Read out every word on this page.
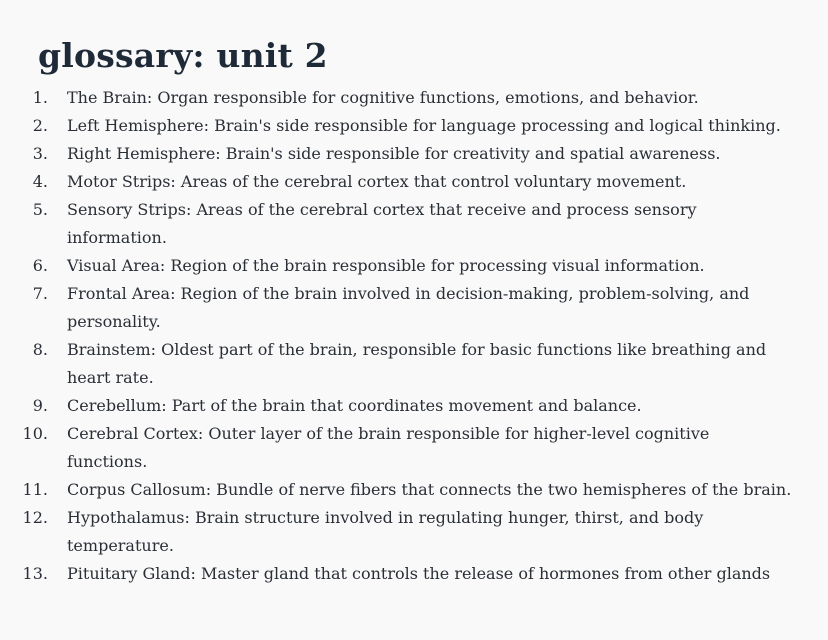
glossary: unit 2
1. The Brain: Organ responsible for cognitive functions, emotions, and behavior.
2. Left Hemisphere: Brain's side responsible for language processing and logical thinking.
3. Right Hemisphere: Brain's side responsible for creativity and spatial awareness.
4. Motor Strips: Areas of the cerebral cortex that control voluntary movement.
5. Sensory Strips: Areas of the cerebral cortex that receive and process sensory information.
6. Visual Area: Region of the brain responsible for processing visual information.
7. Frontal Area: Region of the brain involved in decision-making, problem-solving, and personality.
8. Brainstem: Oldest part of the brain, responsible for basic functions like breathing and heart rate.
9. Cerebellum: Part of the brain that coordinates movement and balance.
10. Cerebral Cortex: Outer layer of the brain responsible for higher-level cognitive functions.
11. Corpus Callosum: Bundle of nerve fibers that connects the two hemispheres of the brain.
12. Hypothalamus: Brain structure involved in regulating hunger, thirst, and body temperature.
13. Pituitary Gland: Master gland that controls the release of hormones from other glands
